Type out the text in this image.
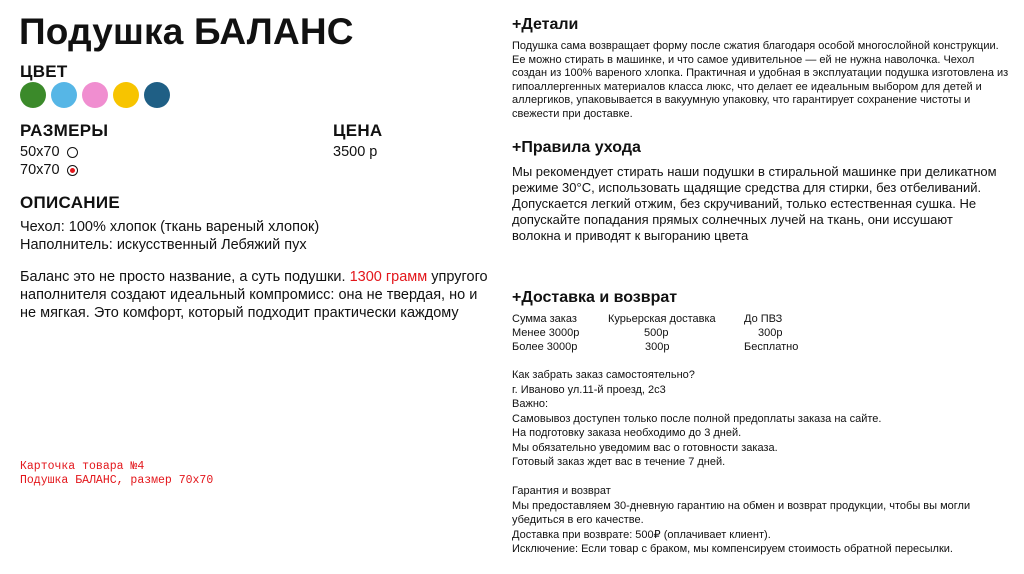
Подушка БАЛАНС
ЦВЕТ
РАЗМЕРЫ
50x70
70x70
ЦЕНА
3500 р
ОПИСАНИЕ
Чехол: 100% хлопок (ткань вареный хлопок)
Наполнитель: искусственный Лебяжий пух
Баланс это не просто название, а суть подушки. 1300 грамм упругого наполнителя создают идеальный компромисс: она не твердая, но и не мягкая. Это комфорт, который подходит практически каждому
Карточка товара №4
Подушка БАЛАНС, размер 70х70
+Детали
Подушка сама возвращает форму после сжатия благодаря особой многослойной конструкции. Ее можно стирать в машинке, и что самое удивительное — ей не нужна наволочка. Чехол создан из 100% вареного хлопка. Практичная и удобная в эксплуатации подушка изготовлена из гипоаллергенных материалов класса люкс, что делает ее идеальным выбором для детей и аллергиков, упаковывается в вакуумную упаковку, что гарантирует сохранение чистоты и свежести при доставке.
+Правила ухода
Мы рекомендует стирать наши подушки в стиральной машинке при деликатном режиме 30°C, использовать щадящие средства для стирки, без отбеливаний. Допускается легкий отжим, без скручиваний, только естественная сушка. Не допускайте попадания прямых солнечных лучей на ткань, они иссушают волокна и приводят к выгоранию цвета
+Доставка и возврат
Сумма заказ	Курьерская доставка	До ПВЗ
Менее 3000р	500р	300р
Более 3000р	300р	Бесплатно
Как забрать заказ самостоятельно?
г. Иваново ул.11-й проезд, 2с3
Важно:
Самовывоз доступен только после полной предоплаты заказа на сайте.
На подготовку заказа необходимо до 3 дней.
Мы обязательно уведомим вас о готовности заказа.
Готовый заказ ждет вас в течение 7 дней.
Гарантия и возврат
Мы предоставляем 30-дневную гарантию на обмен и возврат продукции, чтобы вы могли убедиться в его качестве.
Доставка при возврате: 500₽ (оплачивает клиент).
Исключение: Если товар с браком, мы компенсируем стоимость обратной пересылки.
